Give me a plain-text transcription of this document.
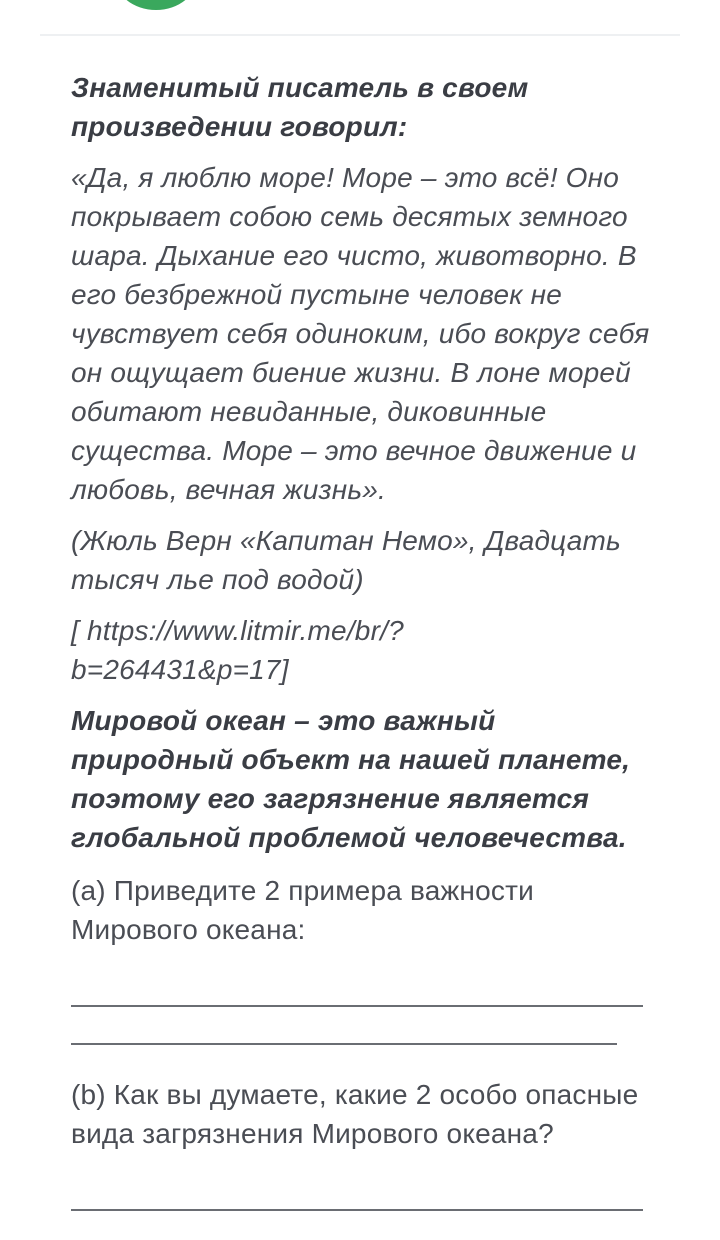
Знаменитый писатель в своем произведении говорил:

«Да, я люблю море! Море – это всё! Оно покрывает собою семь десятых земного шара. Дыхание его чисто, животворно. В его безбрежной пустыне человек не чувствует себя одиноким, ибо вокруг себя он ощущает биение жизни. В лоне морей обитают невиданные, диковинные существа. Море – это вечное движение и любовь, вечная жизнь».

(Жюль Верн «Капитан Немо», Двадцать тысяч лье под водой)

[ https://www.litmir.me/br/?
b=264431&p=17]

Мировой океан – это важный природный объект на нашей планете, поэтому его загрязнение является глобальной проблемой человечества.

(a) Приведите 2 примера важности Мирового океана:

(b) Как вы думаете, какие 2 особо опасные вида загрязнения Мирового океана?
